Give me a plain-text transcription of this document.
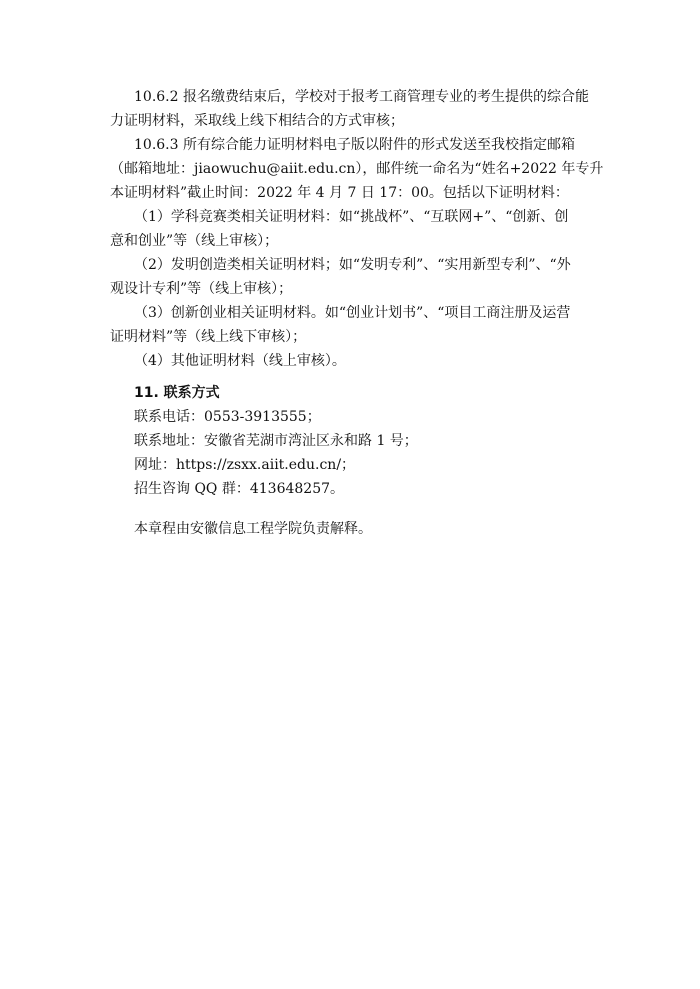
10.6.2 报名缴费结束后，学校对于报考工商管理专业的考生提供的综合能
力证明材料，采取线上线下相结合的方式审核；
10.6.3 所有综合能力证明材料电子版以附件的形式发送至我校指定邮箱
（邮箱地址：jiaowuchu@aiit.edu.cn），邮件统一命名为“姓名+2022 年专升
本证明材料”截止时间：2022 年 4 月 7 日 17：00。包括以下证明材料：
（1）学科竞赛类相关证明材料：如“挑战杯”、“互联网+”、“创新、创
意和创业”等（线上审核）；
（2）发明创造类相关证明材料；如“发明专利”、“实用新型专利”、“外
观设计专利”等（线上审核）；
（3）创新创业相关证明材料。如“创业计划书”、“项目工商注册及运营
证明材料”等（线上线下审核）；
（4）其他证明材料（线上审核）。
11. 联系方式
联系电话：0553-3913555；
联系地址：安徽省芜湖市湾沚区永和路 1 号；
网址：https://zsxx.aiit.edu.cn/；
招生咨询 QQ 群：413648257。
本章程由安徽信息工程学院负责解释。
